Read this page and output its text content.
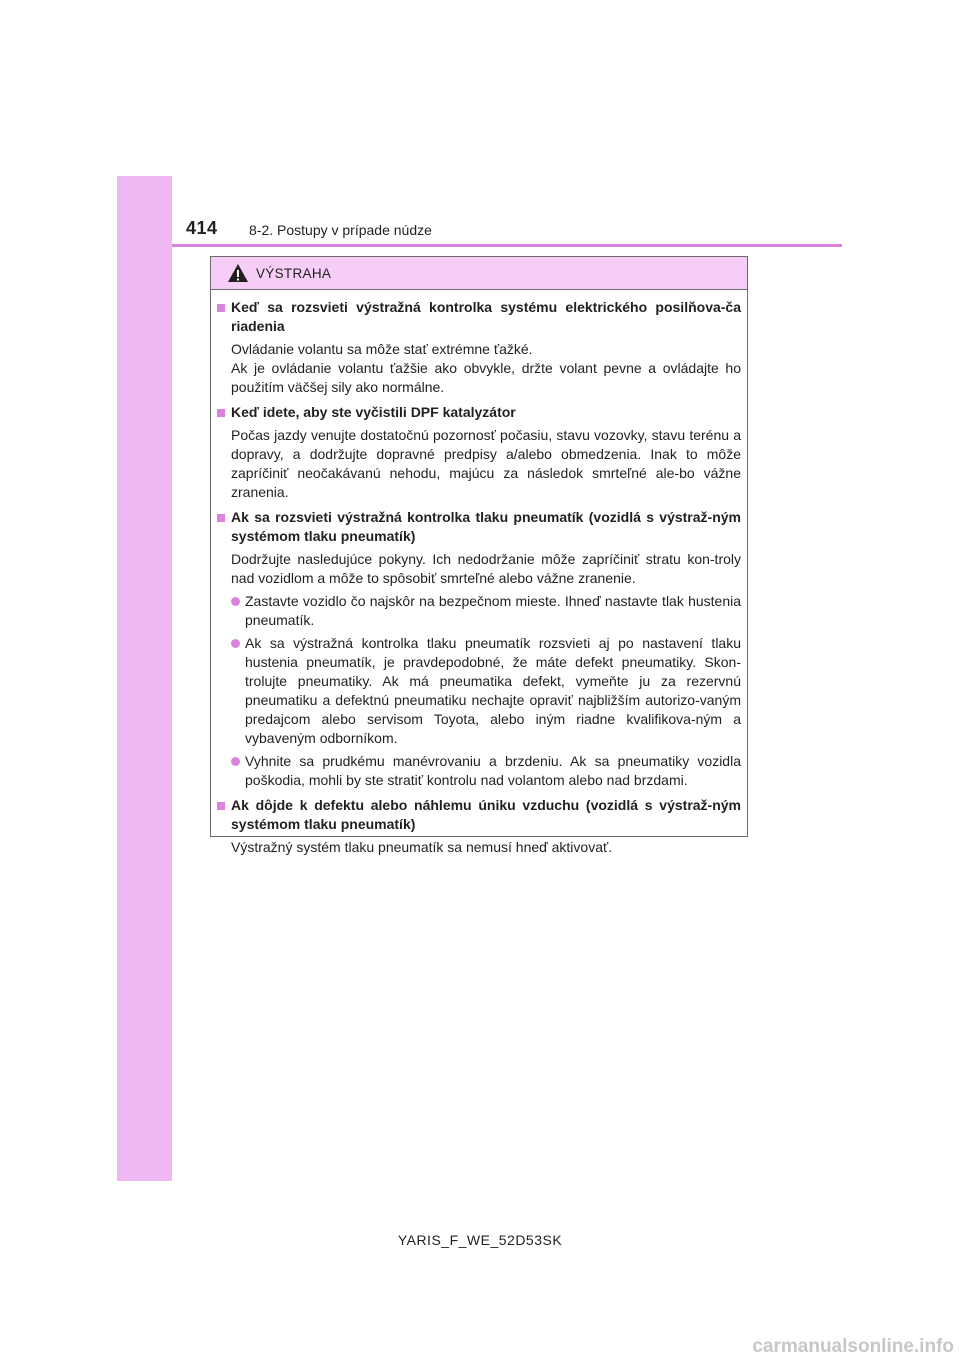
414 8-2. Postupy v prípade núdze
VÝSTRAHA
Keď sa rozsvieti výstražná kontrolka systému elektrického posilňova-ča riadenia

Ovládanie volantu sa môže stať extrémne ťažké.

Ak je ovládanie volantu ťažšie ako obvykle, držte volant pevne a ovládajte ho použitím väčšej sily ako normálne.

Keď idete, aby ste vyčistili DPF katalyzátor

Počas jazdy venujte dostatočnú pozornosť počasiu, stavu vozovky, stavu terénu a dopravy, a dodržujte dopravné predpisy a/alebo obmedzenia. Inak to môže zapríčiniť neočakávanú nehodu, majúcu za následok smrteľné ale-bo vážne zranenia.

Ak sa rozsvieti výstražná kontrolka tlaku pneumatík (vozidlá s výstraž-ným systémom tlaku pneumatík)

Dodržujte nasledujúce pokyny. Ich nedodržanie môže zapríčiniť stratu kon-troly nad vozidlom a môže to spôsobiť smrteľné alebo vážne zranenie.

Zastavte vozidlo čo najskôr na bezpečnom mieste. Ihneď nastavte tlak hustenia pneumatík.
Ak sa výstražná kontrolka tlaku pneumatík rozsvieti aj po nastavení tlaku hustenia pneumatík, je pravdepodobné, že máte defekt pneumatiky. Skon-trolujte pneumatiky. Ak má pneumatika defekt, vymeňte ju za rezervnú pneumatiku a defektnú pneumatiku nechajte opraviť najbližším autorizo-vaným predajcom alebo servisom Toyota, alebo iným riadne kvalifikova-ným a vybaveným odborníkom.
Vyhnite sa prudkému manévrovaniu a brzdeniu. Ak sa pneumatiky vozidla poškodia, mohli by ste stratiť kontrolu nad volantom alebo nad brzdami.
Ak dôjde k defektu alebo náhlemu úniku vzduchu (vozidlá s výstraž-ným systémom tlaku pneumatík)

Výstražný systém tlaku pneumatík sa nemusí hneď aktivovať.

YARIS_F_WE_52D53SK
carmanualsonline.info
